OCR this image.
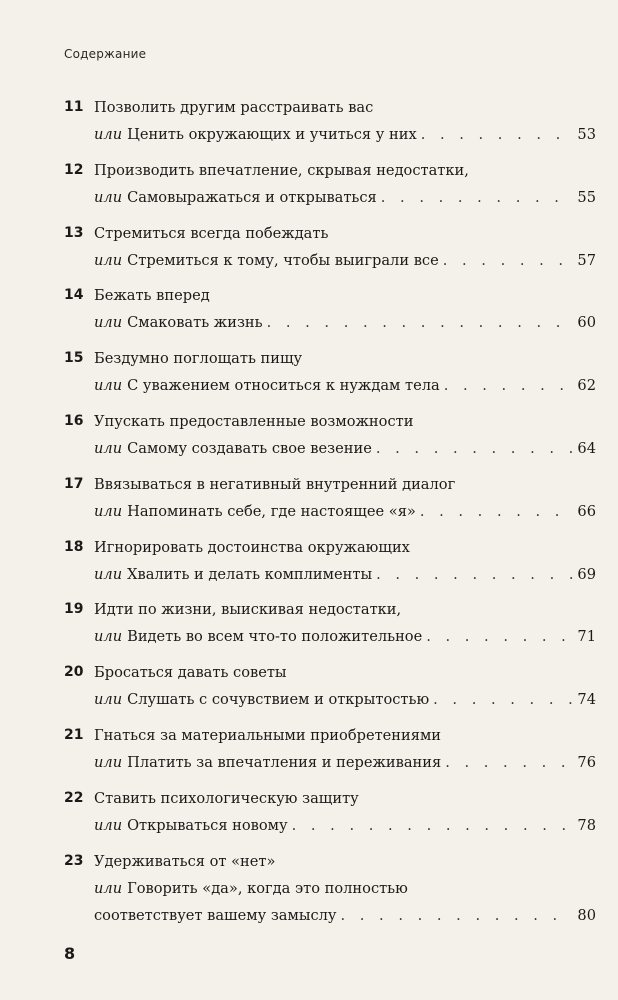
Содержание
11 Позволить другим расстраивать вас
или Ценить окружающих и учиться у них . . .	53
12 Производить впечатление, скрывая недостатки,
или Самовыражаться и открываться . . .	55
13 Стремиться всегда побеждать
или Стремиться к тому, чтобы выиграли все . . .	57
14 Бежать вперед
или Смаковать жизнь . . .	60
15 Бездумно поглощать пищу
или С уважением относиться к нуждам тела . . .	62
16 Упускать предоставленные возможности
или Самому создавать свое везение . . .	64
17 Ввязываться в негативный внутренний диалог
или Напоминать себе, где настоящее «я» . . .	66
18 Игнорировать достоинства окружающих
или Хвалить и делать комплименты . . .	69
19 Идти по жизни, выискивая недостатки,
или Видеть во всем что-то положительное . . .	71
20 Бросаться давать советы
или Слушать с сочувствием и открытостью . . .	74
21 Гнаться за материальными приобретениями
или Платить за впечатления и переживания . . .	76
22 Ставить психологическую защиту
или Открываться новому . . .	78
23 Удерживаться от «нет»
или Говорить «да», когда это полностью
соответствует вашему замыслу . . .	80
8
